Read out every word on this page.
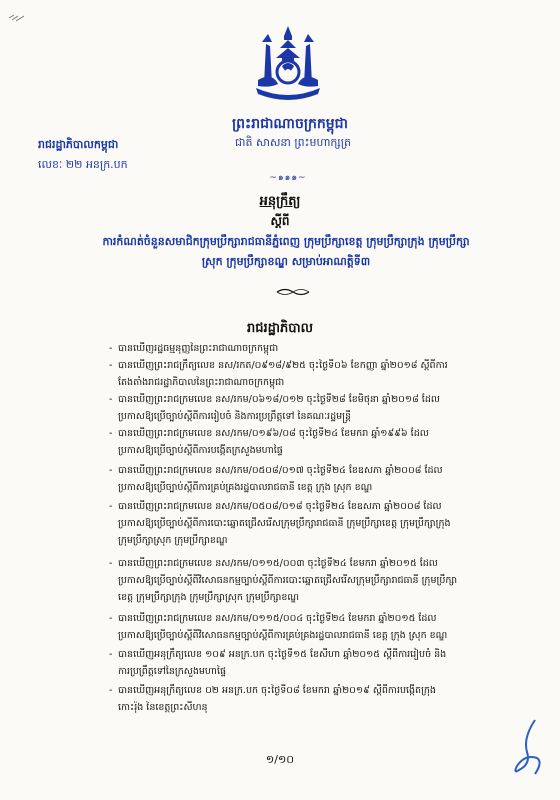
ព្រះរាជាណាចក្រកម្ពុជា
ជាតិ សាសនា ព្រះមហាក្សត្រ
~๑๑๑~
រាជរដ្ឋាភិបាលកម្ពុជា
លេខៈ ២២ អនក្រ.បក
អនុក្រឹត្យ
ស្ដីពី
ការកំណត់ចំនួនសមាជិកក្រុមប្រឹក្សារាជធានីភ្នំពេញ ក្រុមប្រឹក្សាខេត្ត ក្រុមប្រឹក្សាក្រុង ក្រុមប្រឹក្សាស្រុក ក្រុមប្រឹក្សាខណ្ឌ សម្រាប់អាណត្តិទី៣
រាជរដ្ឋាភិបាល
- បានឃើញរដ្ឋធម្មនុញ្ញនៃព្រះរាជាណាចក្រកម្ពុជា
- បានឃើញព្រះរាជក្រឹត្យលេខ នស/រកត/០៩១៨/៩២៥ ចុះថ្ងៃទី០៦ ខែកញ្ញា ឆ្នាំ២០១៨ ស្ដីពីការតែងតាំងរាជរដ្ឋាភិបាលនៃព្រះរាជាណាចក្រកម្ពុជា
- បានឃើញព្រះរាជក្រមលេខ នស/រកម/០៦១៨/០១២ ចុះថ្ងៃទី២៨ ខែមិថុនា ឆ្នាំ២០១៨ ដែលប្រកាសឱ្យប្រើច្បាប់ស្ដីពីការរៀបចំ និងការប្រព្រឹត្តទៅ នៃគណៈរដ្ឋមន្ត្រី
- បានឃើញព្រះរាជក្រមលេខ នស/រកម/០១៩៦/០៨ ចុះថ្ងៃទី២៤ ខែមករា ឆ្នាំ១៩៩៦ ដែលប្រកាសឱ្យប្រើច្បាប់ស្ដីពីការបង្កើតក្រសួងមហាផ្ទៃ
- បានឃើញព្រះរាជក្រមលេខ នស/រកម/០៥០៨/០១៧ ចុះថ្ងៃទី២៤ ខែឧសភា ឆ្នាំ២០០៨ ដែលប្រកាសឱ្យប្រើច្បាប់ស្ដីពីការគ្រប់គ្រងរដ្ឋបាលរាជធានី ខេត្ត ក្រុង ស្រុក ខណ្ឌ
- បានឃើញព្រះរាជក្រមលេខ នស/រកម/០៥០៨/០១៨ ចុះថ្ងៃទី២៤ ខែឧសភា ឆ្នាំ២០០៨ ដែលប្រកាសឱ្យប្រើច្បាប់ស្ដីពីការបោះឆ្នោតជ្រើសរើសក្រុមប្រឹក្សារាជធានី ក្រុមប្រឹក្សាខេត្ត ក្រុមប្រឹក្សាក្រុង ក្រុមប្រឹក្សាស្រុក ក្រុមប្រឹក្សាខណ្ឌ
- បានឃើញព្រះរាជក្រមលេខ នស/រកម/០១១៥/០០៣ ចុះថ្ងៃទី២៤ ខែមករា ឆ្នាំ២០១៥ ដែលប្រកាសឱ្យប្រើច្បាប់ស្ដីពីវិសោធនកម្មច្បាប់ស្ដីពីការបោះឆ្នោតជ្រើសរើសក្រុមប្រឹក្សារាជធានី ក្រុមប្រឹក្សាខេត្ត ក្រុមប្រឹក្សាក្រុង ក្រុមប្រឹក្សាស្រុក ក្រុមប្រឹក្សាខណ្ឌ
- បានឃើញព្រះរាជក្រមលេខ នស/រកម/០១១៥/០០៤ ចុះថ្ងៃទី២៤ ខែមករា ឆ្នាំ២០១៥ ដែលប្រកាសឱ្យប្រើច្បាប់ស្ដីពីវិសោធនកម្មច្បាប់ស្ដីពីការគ្រប់គ្រងរដ្ឋបាលរាជធានី ខេត្ត ក្រុង ស្រុក ខណ្ឌ
- បានឃើញអនុក្រឹត្យលេខ ១០៩ អនក្រ.បក ចុះថ្ងៃទី១៥ ខែសីហា ឆ្នាំ២០១៥ ស្ដីពីការរៀបចំ និងការប្រព្រឹត្តទៅនៃក្រសួងមហាផ្ទៃ
- បានឃើញអនុក្រឹត្យលេខ ០២ អនក្រ.បក ចុះថ្ងៃទី០៨ ខែមករា ឆ្នាំ២០១៩ ស្ដីពីការបង្កើតក្រុងកោះរ៉ុង នៃខេត្តព្រះសីហនុ
១/១០
